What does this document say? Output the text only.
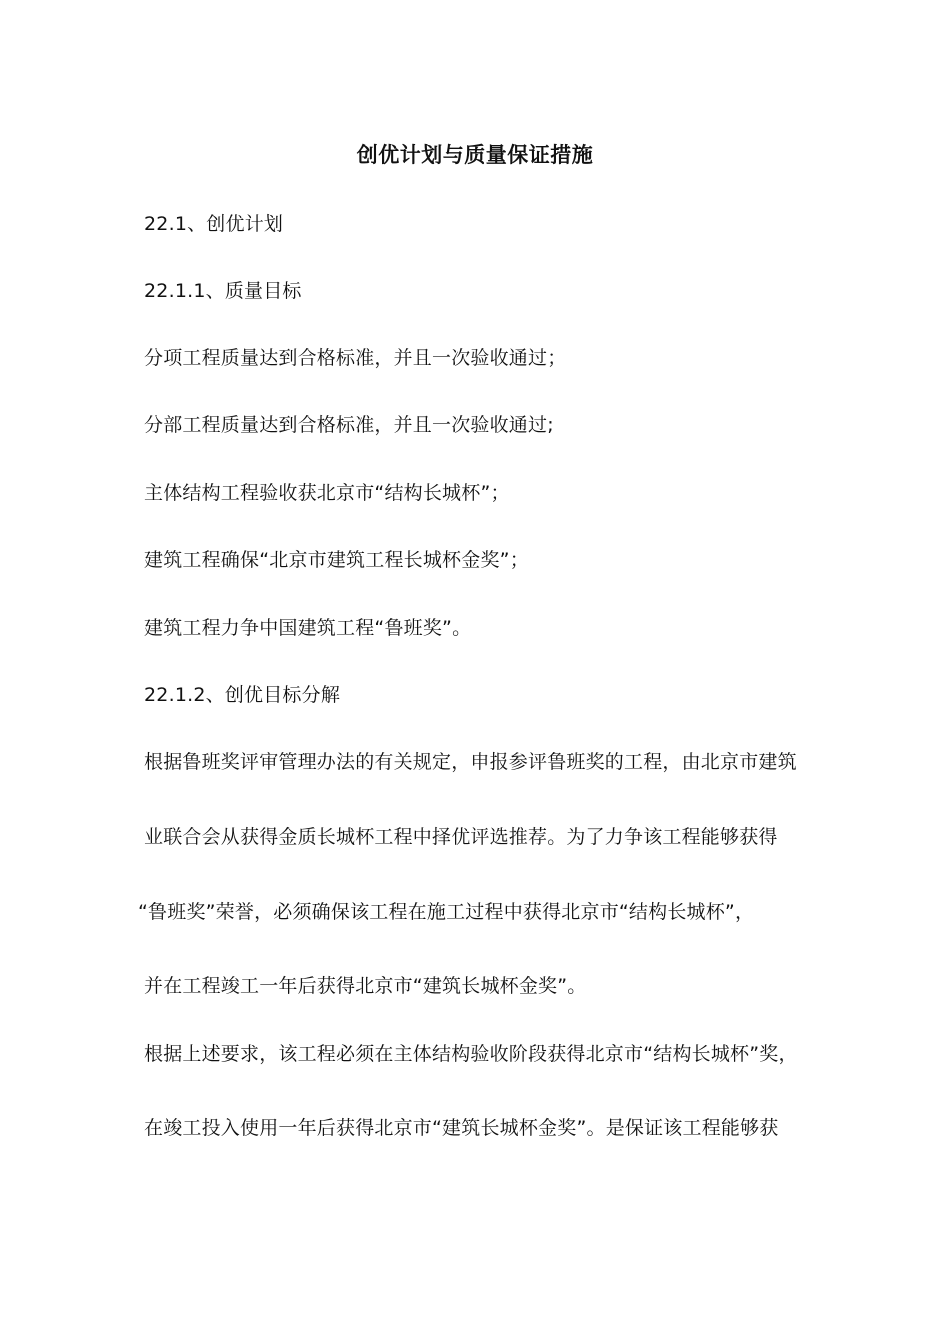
创优计划与质量保证措施
22.1、创优计划
22.1.1、质量目标
分项工程质量达到合格标准，并且一次验收通过；
分部工程质量达到合格标准，并且一次验收通过;
主体结构工程验收获北京市“结构长城杯”；
建筑工程确保“北京市建筑工程长城杯金奖”；
建筑工程力争中国建筑工程“鲁班奖”。
22.1.2、创优目标分解
根据鲁班奖评审管理办法的有关规定，申报参评鲁班奖的工程，由北京市建筑
业联合会从获得金质长城杯工程中择优评选推荐。为了力争该工程能够获得
“鲁班奖”荣誉，必须确保该工程在施工过程中获得北京市“结构长城杯”，
并在工程竣工一年后获得北京市“建筑长城杯金奖”。
根据上述要求，该工程必须在主体结构验收阶段获得北京市“结构长城杯”奖，
在竣工投入使用一年后获得北京市“建筑长城杯金奖”。是保证该工程能够获
